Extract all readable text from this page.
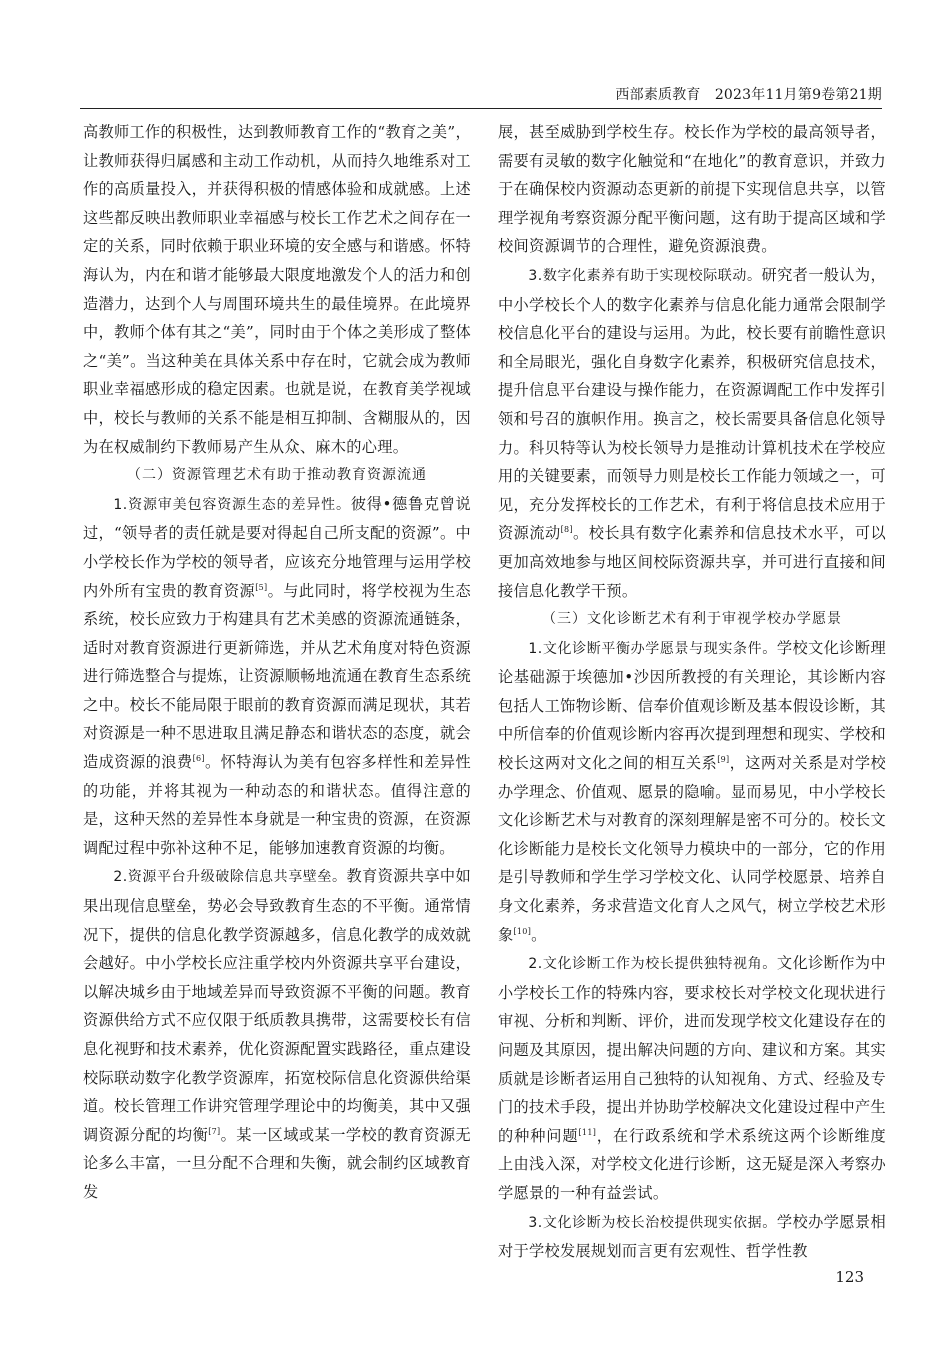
西部素质教育　2023年11月第9卷第21期

高教师工作的积极性，达到教师教育工作的“教育之美”，让教师获得归属感和主动工作动机，从而持久地维系对工作的高质量投入，并获得积极的情感体验和成就感。上述这些都反映出教师职业幸福感与校长工作艺术之间存在一定的关系，同时依赖于职业环境的安全感与和谐感。怀特海认为，内在和谐才能够最大限度地激发个人的活力和创造潜力，达到个人与周围环境共生的最佳境界。在此境界中，教师个体有其之“美”，同时由于个体之美形成了整体之“美”。当这种美在具体关系中存在时，它就会成为教师职业幸福感形成的稳定因素。也就是说，在教育美学视域中，校长与教师的关系不能是相互抑制、含糊服从的，因为在权威制约下教师易产生从众、麻木的心理。

（二）资源管理艺术有助于推动教育资源流通

1.资源审美包容资源生态的差异性。彼得•德鲁克曾说过，“领导者的责任就是要对得起自己所支配的资源”。中小学校长作为学校的领导者，应该充分地管理与运用学校内外所有宝贵的教育资源[5]。与此同时，将学校视为生态系统，校长应致力于构建具有艺术美感的资源流通链条，适时对教育资源进行更新筛选，并从艺术角度对特色资源进行筛选整合与提炼，让资源顺畅地流通在教育生态系统之中。校长不能局限于眼前的教育资源而满足现状，其若对资源是一种不思进取且满足静态和谐状态的态度，就会造成资源的浪费[6]。怀特海认为美有包容多样性和差异性的功能，并将其视为一种动态的和谐状态。值得注意的是，这种天然的差异性本身就是一种宝贵的资源，在资源调配过程中弥补这种不足，能够加速教育资源的均衡。

2.资源平台升级破除信息共享壁垒。教育资源共享中如果出现信息壁垒，势必会导致教育生态的不平衡。通常情况下，提供的信息化教学资源越多，信息化教学的成效就会越好。中小学校长应注重学校内外资源共享平台建设，以解决城乡由于地域差异而导致资源不平衡的问题。教育资源供给方式不应仅限于纸质教具携带，这需要校长有信息化视野和技术素养，优化资源配置实践路径，重点建设校际联动数字化教学资源库，拓宽校际信息化资源供给渠道。校长管理工作讲究管理学理论中的均衡美，其中又强调资源分配的均衡[7]。某一区域或某一学校的教育资源无论多么丰富，一旦分配不合理和失衡，就会制约区域教育发

展，甚至威胁到学校生存。校长作为学校的最高领导者，需要有灵敏的数字化触觉和“在地化”的教育意识，并致力于在确保校内资源动态更新的前提下实现信息共享，以管理学视角考察资源分配平衡问题，这有助于提高区域和学校间资源调节的合理性，避免资源浪费。

3.数字化素养有助于实现校际联动。研究者一般认为，中小学校长个人的数字化素养与信息化能力通常会限制学校信息化平台的建设与运用。为此，校长要有前瞻性意识和全局眼光，强化自身数字化素养，积极研究信息技术，提升信息平台建设与操作能力，在资源调配工作中发挥引领和号召的旗帜作用。换言之，校长需要具备信息化领导力。科贝特等认为校长领导力是推动计算机技术在学校应用的关键要素，而领导力则是校长工作能力领域之一，可见，充分发挥校长的工作艺术，有利于将信息技术应用于资源流动[8]。校长具有数字化素养和信息技术水平，可以更加高效地参与地区间校际资源共享，并可进行直接和间接信息化教学干预。

（三）文化诊断艺术有利于审视学校办学愿景

1.文化诊断平衡办学愿景与现实条件。学校文化诊断理论基础源于埃德加•沙因所教授的有关理论，其诊断内容包括人工饰物诊断、信奉价值观诊断及基本假设诊断，其中所信奉的价值观诊断内容再次提到理想和现实、学校和校长这两对文化之间的相互关系[9]，这两对关系是对学校办学理念、价值观、愿景的隐喻。显而易见，中小学校长文化诊断艺术与对教育的深刻理解是密不可分的。校长文化诊断能力是校长文化领导力模块中的一部分，它的作用是引导教师和学生学习学校文化、认同学校愿景、培养自身文化素养，务求营造文化育人之风气，树立学校艺术形象[10]。

2.文化诊断工作为校长提供独特视角。文化诊断作为中小学校长工作的特殊内容，要求校长对学校文化现状进行审视、分析和判断、评价，进而发现学校文化建设存在的问题及其原因，提出解决问题的方向、建议和方案。其实质就是诊断者运用自己独特的认知视角、方式、经验及专门的技术手段，提出并协助学校解决文化建设过程中产生的种种问题[11]，在行政系统和学术系统这两个诊断维度上由浅入深，对学校文化进行诊断，这无疑是深入考察办学愿景的一种有益尝试。

3.文化诊断为校长治校提供现实依据。学校办学愿景相对于学校发展规划而言更有宏观性、哲学性教

123
